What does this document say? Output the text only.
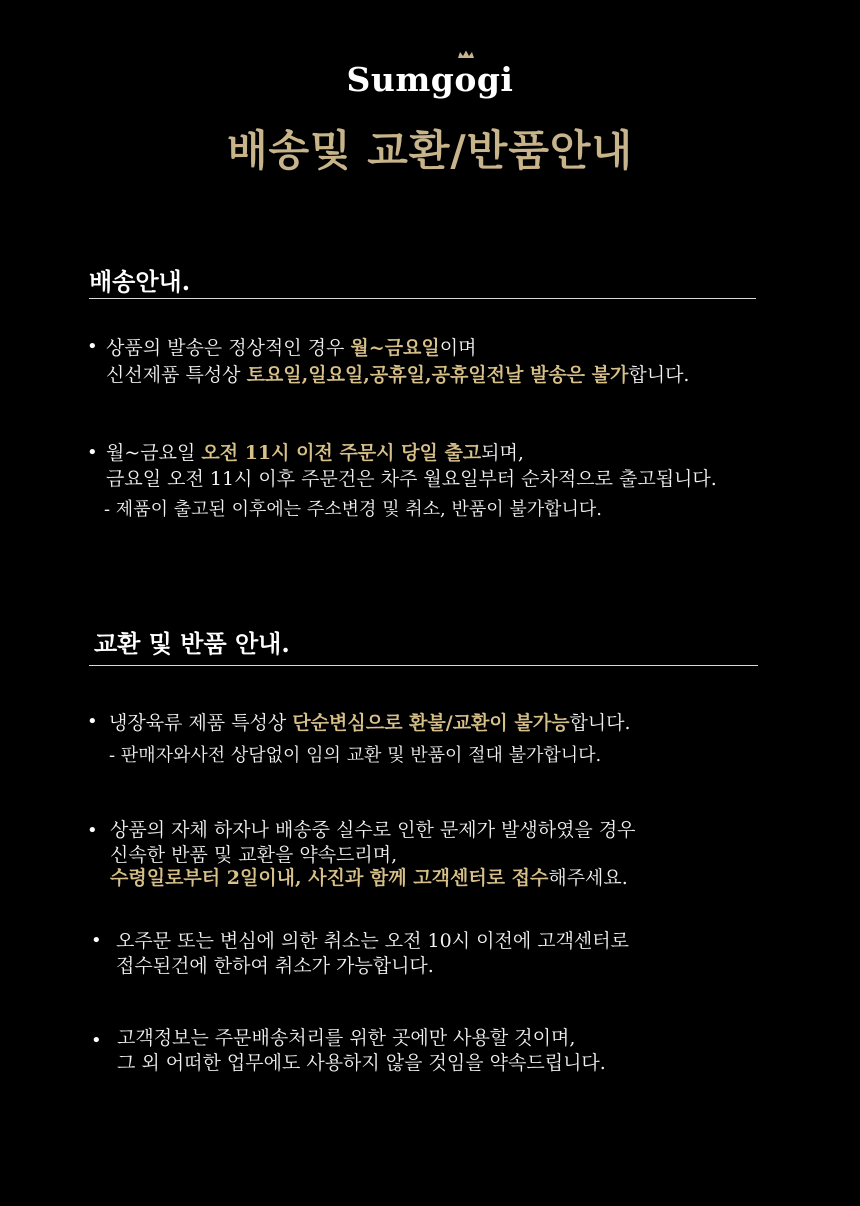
Sumg
ogi
배송및 교환/반품안내
배송안내.
• 상품의 발송은 정상적인 경우 월~금요일이며
신선제품 특성상 토요일,일요일,공휴일,공휴일전날 발송은 불가합니다.
• 월~금요일 오전 11시 이전 주문시 당일 출고되며,
금요일 오전 11시 이후 주문건은 차주 월요일부터 순차적으로 출고됩니다.
- 제품이 출고된 이후에는 주소변경 및 취소, 반품이 불가합니다.
교환 및 반품 안내.
• 냉장육류 제품 특성상 단순변심으로 환불/교환이 불가능합니다.
- 판매자와사전 상담없이 임의 교환 및 반품이 절대 불가합니다.
• 상품의 자체 하자나 배송중 실수로 인한 문제가 발생하였을 경우
신속한 반품 및 교환을 약속드리며,
수령일로부터 2일이내, 사진과 함께 고객센터로 접수해주세요.
• 오주문 또는 변심에 의한 취소는 오전 10시 이전에 고객센터로
접수된건에 한하여 취소가 가능합니다.
• 고객정보는 주문배송처리를 위한 곳에만 사용할 것이며,
그 외 어떠한 업무에도 사용하지 않을 것임을 약속드립니다.
